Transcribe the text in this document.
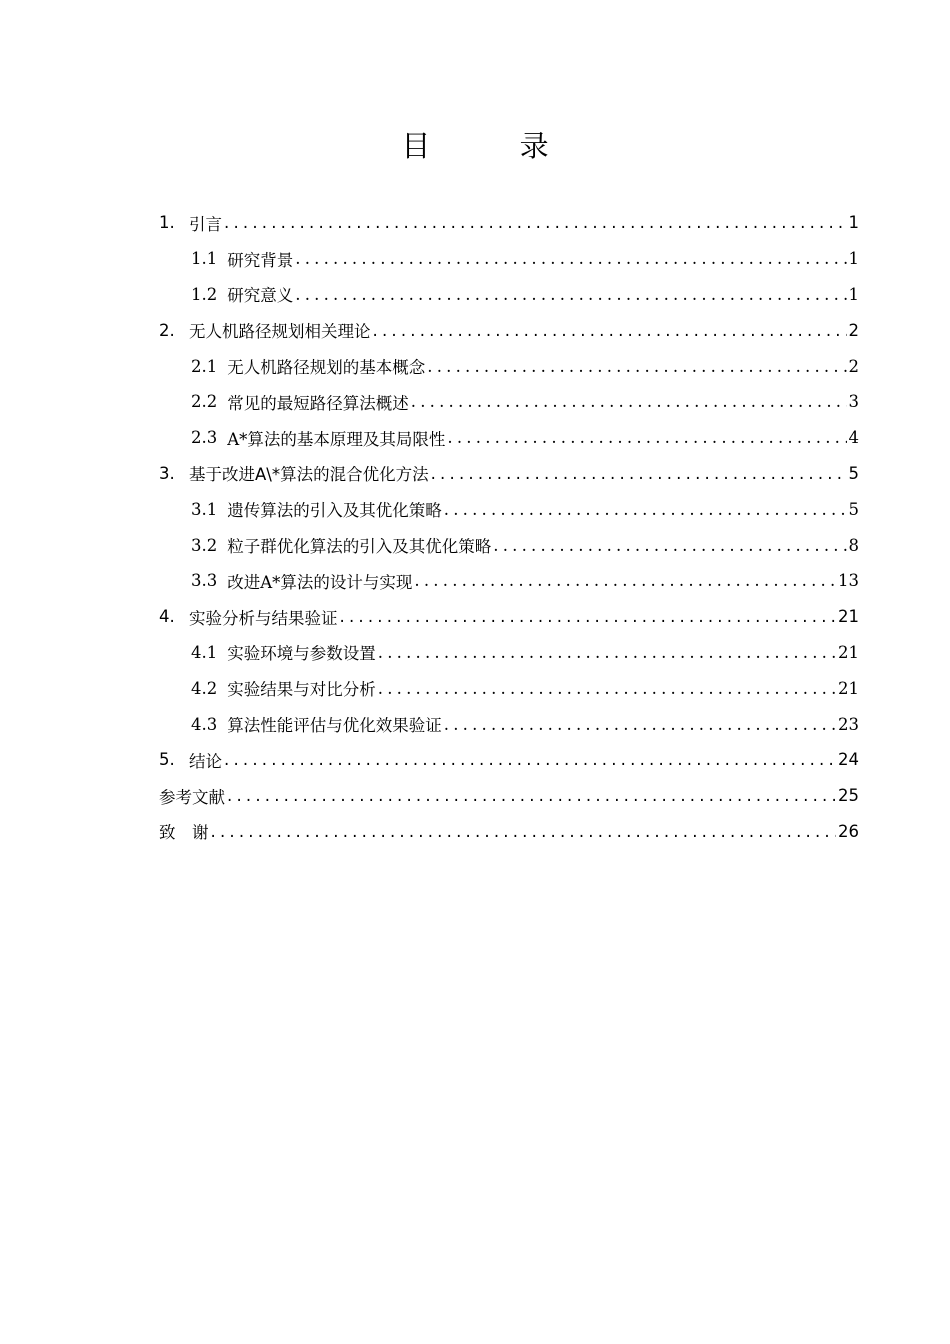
目 录
1. 引言 .....	1
1.1 研究背景 .....	1
1.2 研究意义 .....	1
2. 无人机路径规划相关理论 .....	2
2.1 无人机路径规划的基本概念 .....	2
2.2 常见的最短路径算法概述 .....	3
2.3 A*算法的基本原理及其局限性 .....	4
3. 基于改进A\*算法的混合优化方法 .....	5
3.1 遗传算法的引入及其优化策略 .....	5
3.2 粒子群优化算法的引入及其优化策略 .....	8
3.3 改进A*算法的设计与实现 .....	13
4. 实验分析与结果验证 .....	21
4.1 实验环境与参数设置 .....	21
4.2 实验结果与对比分析 .....	21
4.3 算法性能评估与优化效果验证 .....	23
5. 结论 .....	24
参考文献 .....	25
致　谢 .....	26
